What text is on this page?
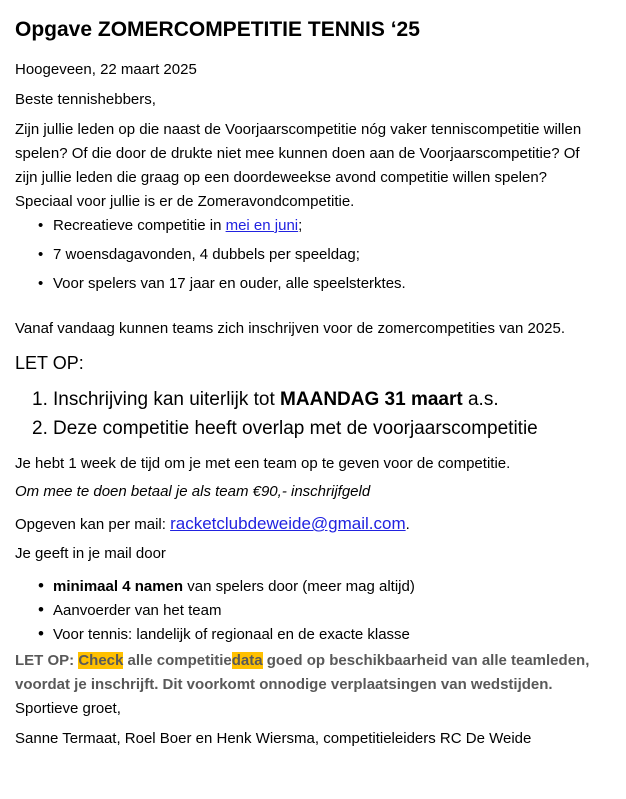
Opgave ZOMERCOMPETITIE TENNIS ‘25

Hoogeveen, 22 maart 2025

Beste tennishebbers,

Zijn jullie leden op die naast de Voorjaarscompetitie nóg vaker tenniscompetitie willen spelen? Of die door de drukte niet mee kunnen doen aan de Voorjaarscompetitie? Of zijn jullie leden die graag op een doordeweekse avond competitie willen spelen? Speciaal voor jullie is er de Zomeravondcompetitie.

• Recreatieve competitie in mei en juni;
• 7 woensdagavonden, 4 dubbels per speeldag;
• Voor spelers van 17 jaar en ouder, alle speelsterktes.

Vanaf vandaag kunnen teams zich inschrijven voor de zomercompetities van 2025.

LET OP:

Inschrijving kan uiterlijk tot MAANDAG 31 maart a.s.
Deze competitie heeft overlap met de voorjaarscompetitie

Je hebt 1 week de tijd om je met een team op te geven voor de competitie.

Om mee te doen betaal je als team €90,- inschrijfgeld

Opgeven kan per mail: racketclubdeweide@gmail.com.

Je geeft in je mail door

• minimaal 4 namen van spelers door (meer mag altijd)
• Aanvoerder van het team
• Voor tennis: landelijk of regionaal en de exacte klasse

LET OP: Check alle competitiedata goed op beschikbaarheid van alle teamleden, voordat je inschrijft. Dit voorkomt onnodige verplaatsingen van wedstijden.

Sportieve groet,

Sanne Termaat, Roel Boer en Henk Wiersma, competitieleiders RC De Weide
